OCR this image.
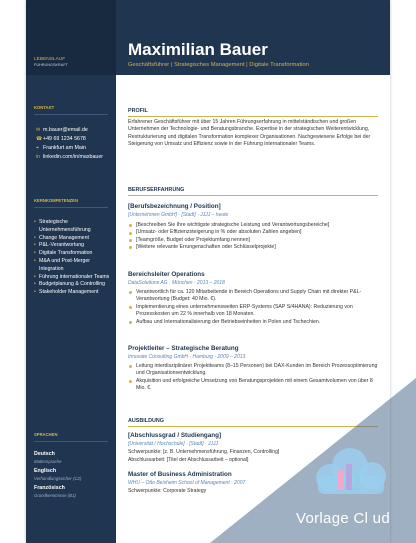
LEBENSLAUF
FÜHRUNGSKRAFT
Maximilian Bauer
Geschäftsführer | Strategisches Management | Digitale Transformation
KONTAKT
✉ m.bauer@email.de
☎+49 69 1234 5678
⌖ Frankfurt am Main
in linkedin.com/in/maxbauer
KERNKOMPETENZEN
• Strategische Unternehmensführung
• Change Management
• P&L-Verantwortung
• Digitale Transformation
• M&A und Post-Merger Integration
• Führung internationaler Teams
• Budgetplanung & Controlling
• Stakeholder Management
SPRACHEN
Deutsch
Muttersprache
Englisch
Verhandlungssicher (C2)
Französisch
Grundkenntnisse (B1)
PROFIL
Erfahrener Geschäftsführer mit über 15 Jahren Führungserfahrung in mittelständischen und großen Unternehmen der Technologie- und Beratungsbranche. Expertise in der strategischen Weiterentwicklung, Restrukturierung und digitalen Transformation komplexer Organisationen. Nachgewiesene Erfolge bei der Steigerung von Umsatz und Effizienz sowie in der Führung internationaler Teams.
BERUFSERFAHRUNG
[Berufsbezeichnung / Position]
[Unternehmen GmbH] · [Stadt] · JJJJ – heute
[Beschreiben Sie Ihre wichtigste strategische Leistung und Verantwortungsbereiche]
[Umsatz- oder Effizienzsteigerung in % oder absoluten Zahlen angeben]
[Teamgröße, Budget oder Projektumfang nennen]
[Weitere relevante Errungenschaften oder Schlüsselprojekte]
Bereichsleiter Operations
DataSolutions AG · München · 2013 – 2018
Verantwortlich für ca. 120 Mitarbeitende in Bereich Operations und Supply Chain mit direkter P&L-Verantwortung (Budget: 40 Mio. €).
Implementierung eines unternehmensweiten ERP-Systems (SAP S/4HANA): Reduzierung von Prozesskosten um 22 % innerhalb von 18 Monaten.
Aufbau und Internationalisierung der Betriebseinheiten in Polen und Tschechien.
Projektleiter – Strategische Beratung
Innovate Consulting GmbH · Hamburg · 2009 – 2013
Leitung interdisziplinärer Projektteams (8–15 Personen) bei DAX-Kunden im Bereich Prozessoptimierung und Organisationsentwicklung.
Akquisition und erfolgreiche Umsetzung von Beratungsprojekten mit einem Gesamtvolumen von über 8 Mio. €.
AUSBILDUNG
[Abschlussgrad / Studiengang]
[Universität / Hochschule] · [Stadt] · JJJJ
Schwerpunkte: [z. B. Unternehmensführung, Finanzen, Controlling]
Abschlussarbeit: [Titel der Abschlussarbeit – optional]
Master of Business Administration
WHU – Otto Beisheim School of Management · 2007
Schwerpunkte: Corporate Strategy
Vorlage Cl ud
